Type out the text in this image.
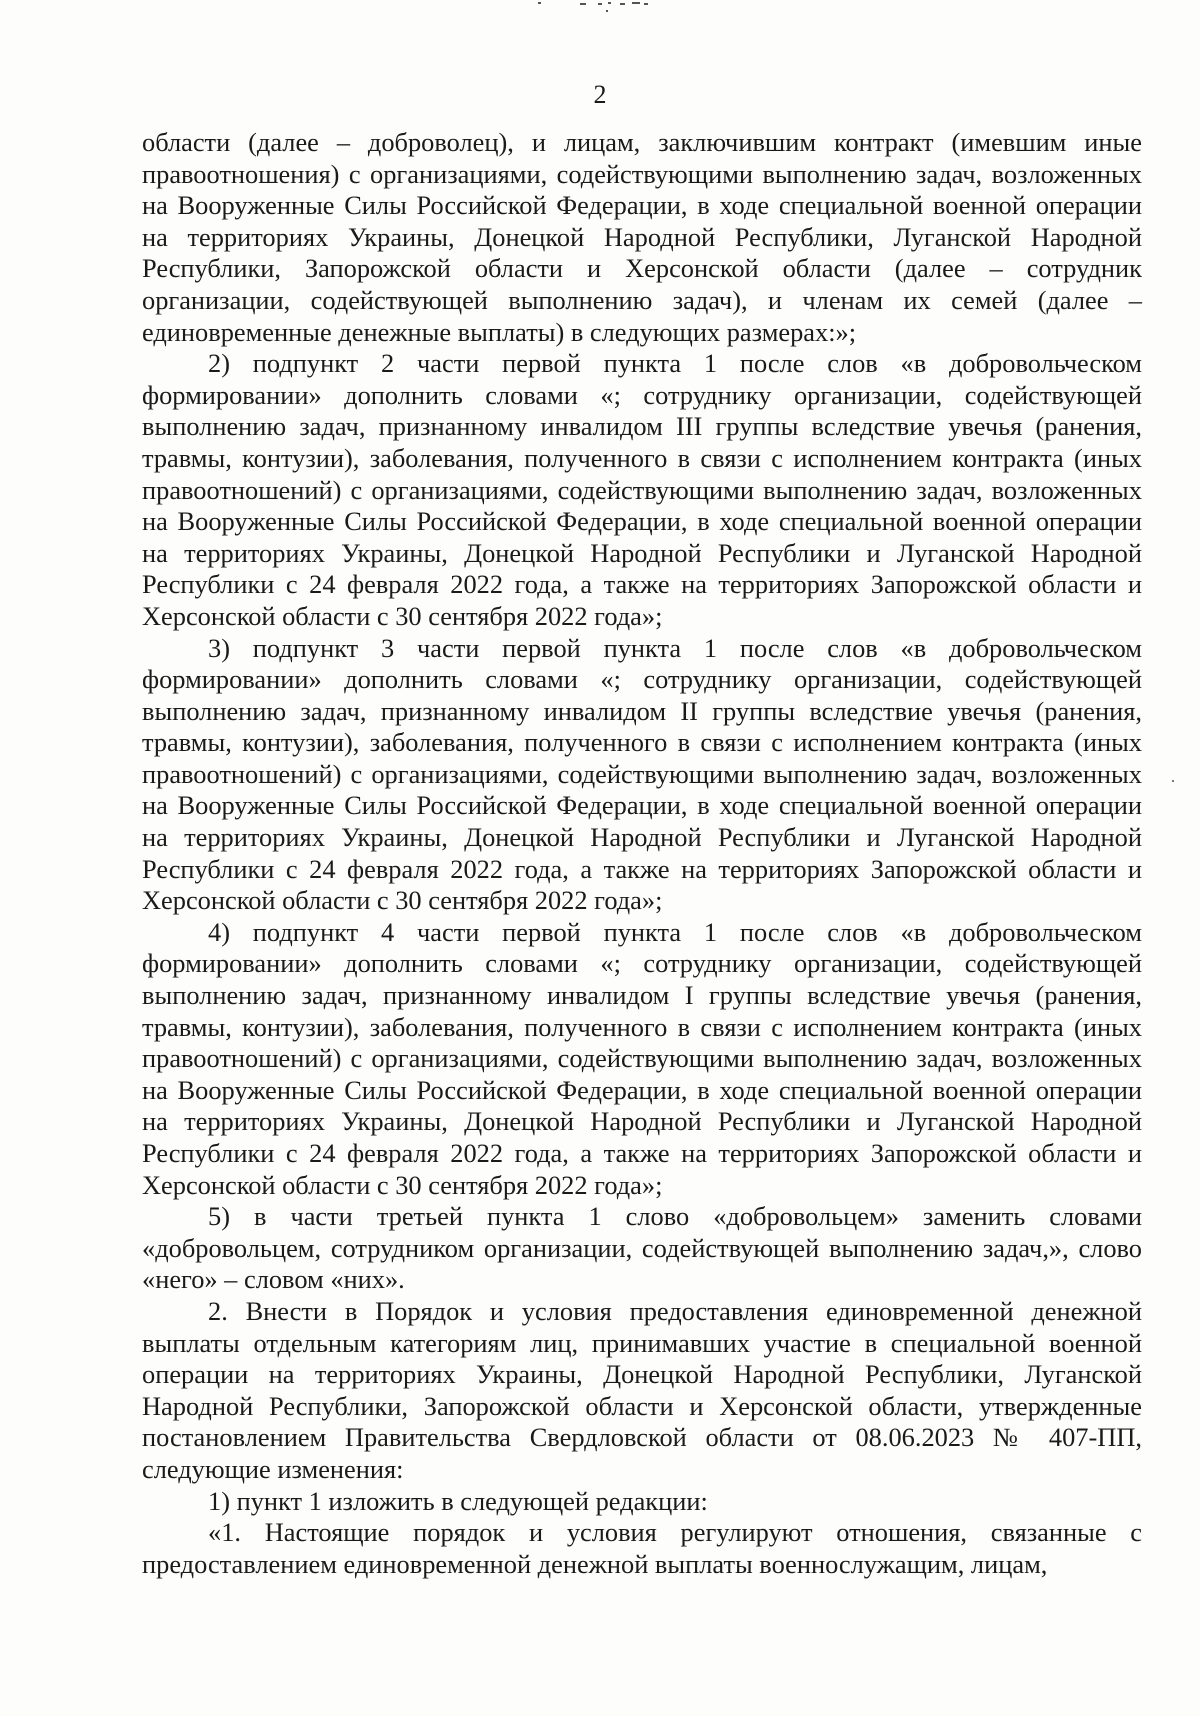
2

области (далее – доброволец), и лицам, заключившим контракт (имевшим иные правоотношения) с организациями, содействующими выполнению задач, возложенных на Вооруженные Силы Российской Федерации, в ходе специальной военной операции на территориях Украины, Донецкой Народной Республики, Луганской Народной Республики, Запорожской области и Херсонской области (далее – сотрудник организации, содействующей выполнению задач), и членам их семей (далее – единовременные денежные выплаты) в следующих размерах:»;

2) подпункт 2 части первой пункта 1 после слов «в добровольческом формировании» дополнить словами «; сотруднику организации, содействующей выполнению задач, признанному инвалидом III группы вследствие увечья (ранения, травмы, контузии), заболевания, полученного в связи с исполнением контракта (иных правоотношений) с организациями, содействующими выполнению задач, возложенных на Вооруженные Силы Российской Федерации, в ходе специальной военной операции на территориях Украины, Донецкой Народной Республики и Луганской Народной Республики с 24 февраля 2022 года, а также на территориях Запорожской области и Херсонской области с 30 сентября 2022 года»;

3) подпункт 3 части первой пункта 1 после слов «в добровольческом формировании» дополнить словами «; сотруднику организации, содействующей выполнению задач, признанному инвалидом II группы вследствие увечья (ранения, травмы, контузии), заболевания, полученного в связи с исполнением контракта (иных правоотношений) с организациями, содействующими выполнению задач, возложенных на Вооруженные Силы Российской Федерации, в ходе специальной военной операции на территориях Украины, Донецкой Народной Республики и Луганской Народной Республики с 24 февраля 2022 года, а также на территориях Запорожской области и Херсонской области с 30 сентября 2022 года»;

4) подпункт 4 части первой пункта 1 после слов «в добровольческом формировании» дополнить словами «; сотруднику организации, содействующей выполнению задач, признанному инвалидом I группы вследствие увечья (ранения, травмы, контузии), заболевания, полученного в связи с исполнением контракта (иных правоотношений) с организациями, содействующими выполнению задач, возложенных на Вооруженные Силы Российской Федерации, в ходе специальной военной операции на территориях Украины, Донецкой Народной Республики и Луганской Народной Республики с 24 февраля 2022 года, а также на территориях Запорожской области и Херсонской области с 30 сентября 2022 года»;

5) в части третьей пункта 1 слово «добровольцем» заменить словами «добровольцем, сотрудником организации, содействующей выполнению задач,», слово «него» – словом «них».

2. Внести в Порядок и условия предоставления единовременной денежной выплаты отдельным категориям лиц, принимавших участие в специальной военной операции на территориях Украины, Донецкой Народной Республики, Луганской Народной Республики, Запорожской области и Херсонской области, утвержденные постановлением Правительства Свердловской области от 08.06.2023 № 407-ПП, следующие изменения:

1) пункт 1 изложить в следующей редакции:

«1. Настоящие порядок и условия регулируют отношения, связанные с предоставлением единовременной денежной выплаты военнослужащим, лицам,
